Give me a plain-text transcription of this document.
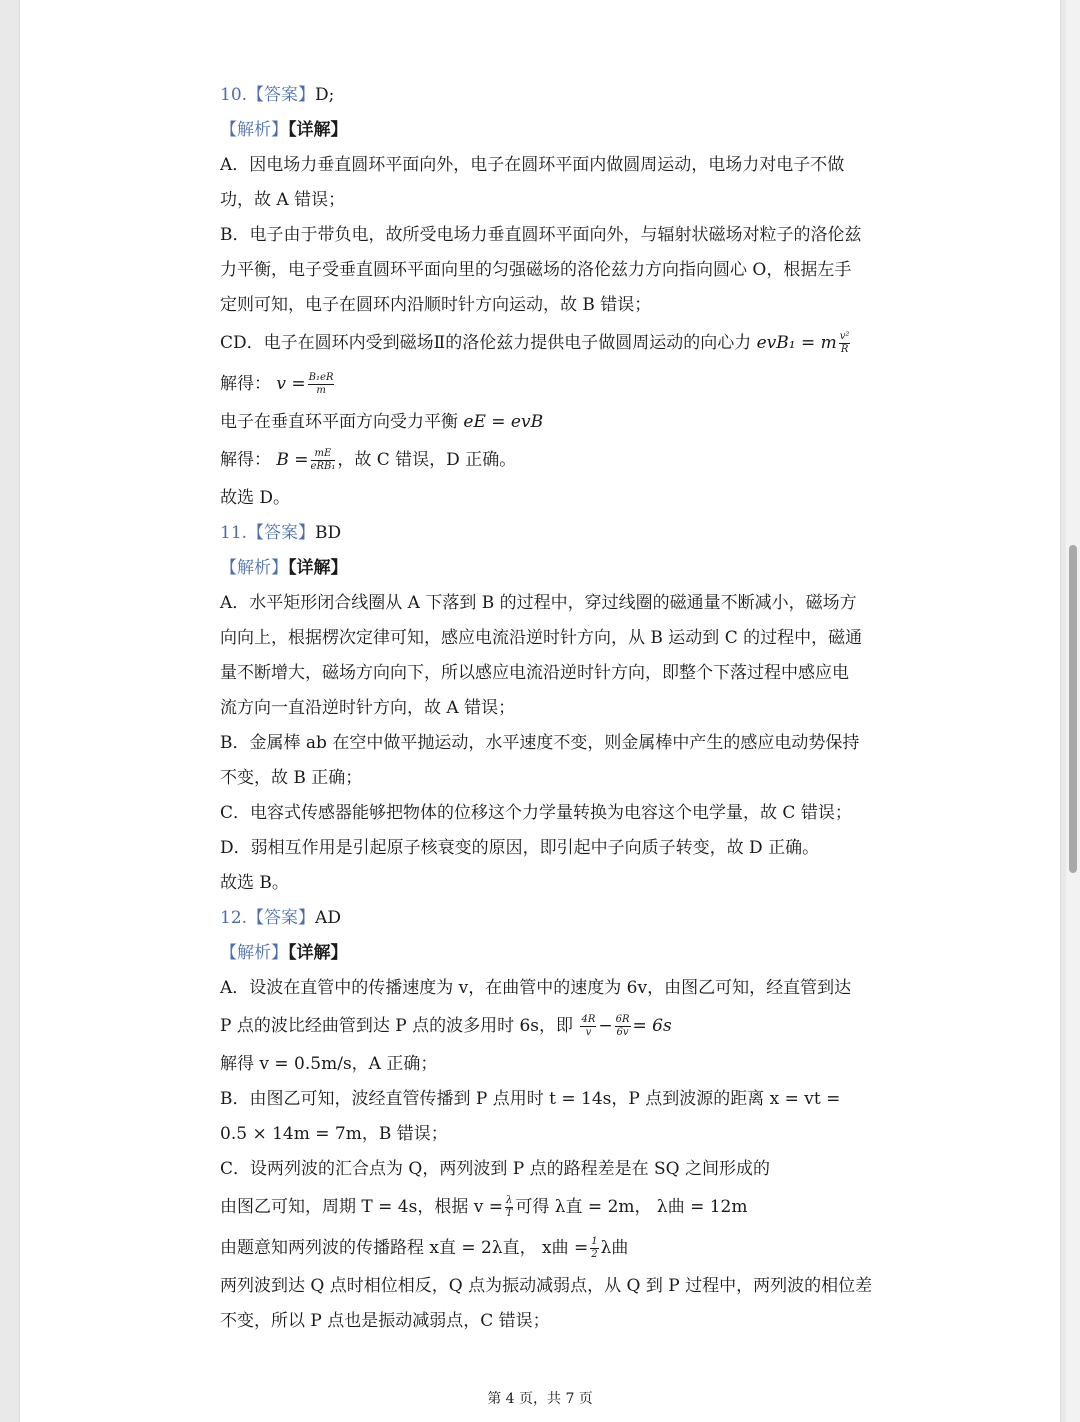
10.【答案】D;
【解析】【详解】
A．因电场力垂直圆环平面向外，电子在圆环平面内做圆周运动，电场力对电子不做
功，故 A 错误；
B．电子由于带负电，故所受电场力垂直圆环平面向外，与辐射状磁场对粒子的洛伦兹
力平衡，电子受垂直圆环平面向里的匀强磁场的洛伦兹力方向指向圆心 O，根据左手
定则可知，电子在圆环内沿顺时针方向运动，故 B 错误；
CD．电子在圆环内受到磁场Ⅱ的洛伦兹力提供电子做圆周运动的向心力 evB₁ = m $\frac{\text{v²}}{R}$
解得： $v = \frac{\text{B₁eR}}{m}$
电子在垂直环平面方向受力平衡 eE = evB
解得： $B = \frac{mE}{\text{eRB₁}}$ ，故 C 错误，D 正确。
故选 D。
11.【答案】BD
【解析】【详解】
A．水平矩形闭合线圈从 A 下落到 B 的过程中，穿过线圈的磁通量不断减小，磁场方
向向上，根据楞次定律可知，感应电流沿逆时针方向，从 B 运动到 C 的过程中，磁通
量不断增大，磁场方向向下，所以感应电流沿逆时针方向，即整个下落过程中感应电
流方向一直沿逆时针方向，故 A 错误；
B．金属棒 ab 在空中做平抛运动，水平速度不变，则金属棒中产生的感应电动势保持
不变，故 B 正确；
C．电容式传感器能够把物体的位移这个力学量转换为电容这个电学量，故 C 错误；
D．弱相互作用是引起原子核衰变的原因，即引起中子向质子转变，故 D 正确。
故选 B。
12.【答案】AD
【解析】【详解】
A．设波在直管中的传播速度为 v，在曲管中的速度为 6v，由图乙可知，经直管到达
P 点的波比经曲管到达 P 点的波多用时 6s，即 $\frac{4R}{v} - \frac{6R}{6v} = 6s$
解得 v = 0.5m/s，A 正确；
B．由图乙可知，波经直管传播到 P 点用时 t = 14s，P 点到波源的距离 x = vt =
0.5 × 14m = 7m，B 错误；
C．设两列波的汇合点为 Q，两列波到 P 点的路程差是在 SQ 之间形成的
由图乙可知，周期 T = 4s，根据 $v = \frac{\lambda}{T}$ 可得 λ直 = 2m， λ曲 = 12m
由题意知两列波的传播路程 x直 = 2λ直， x曲 = $\frac{1}{2}$ λ曲
两列波到达 Q 点时相位相反，Q 点为振动减弱点，从 Q 到 P 过程中，两列波的相位差
不变，所以 P 点也是振动减弱点，C 错误；
第 4 页，共 7 页
